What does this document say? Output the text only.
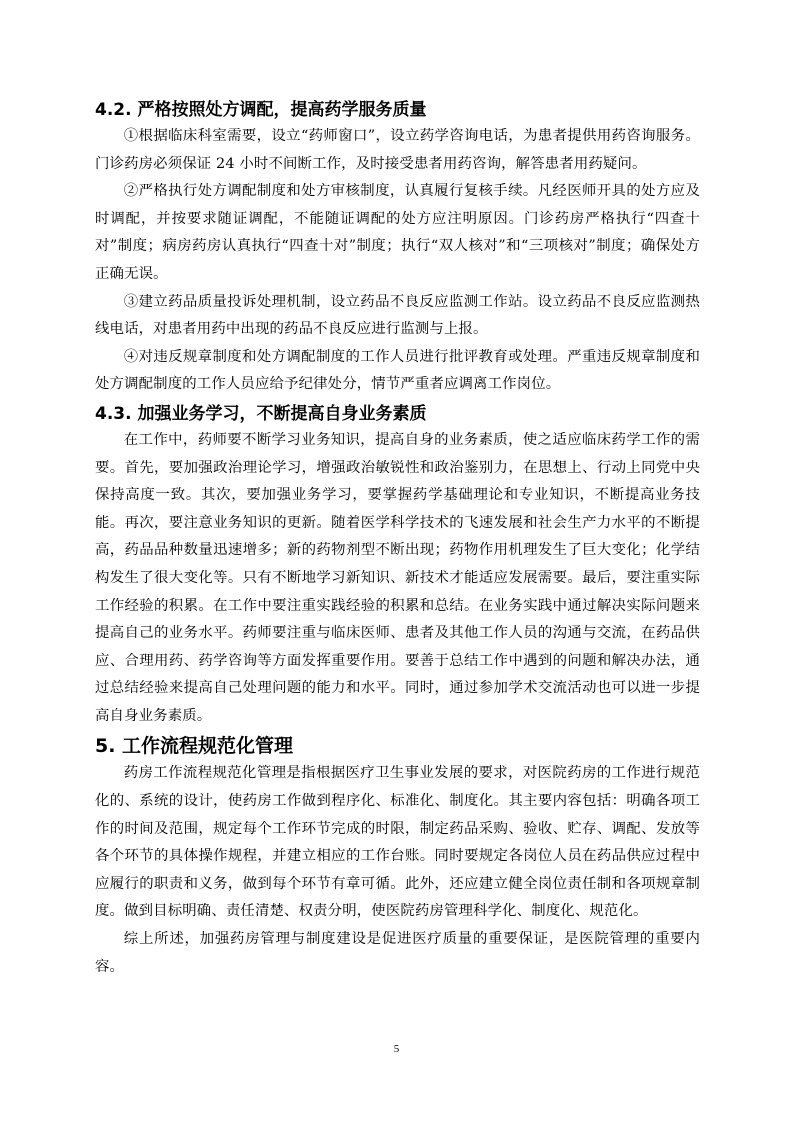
4.2. 严格按照处方调配，提高药学服务质量

①根据临床科室需要，设立“药师窗口”，设立药学咨询电话，为患者提供用药咨询服务。门诊药房必须保证 24 小时不间断工作，及时接受患者用药咨询，解答患者用药疑问。

②严格执行处方调配制度和处方审核制度，认真履行复核手续。凡经医师开具的处方应及时调配，并按要求随证调配，不能随证调配的处方应注明原因。门诊药房严格执行“四查十对”制度；病房药房认真执行“四查十对”制度；执行“双人核对”和“三项核对”制度；确保处方正确无误。

③建立药品质量投诉处理机制，设立药品不良反应监测工作站。设立药品不良反应监测热线电话，对患者用药中出现的药品不良反应进行监测与上报。

④对违反规章制度和处方调配制度的工作人员进行批评教育或处理。严重违反规章制度和处方调配制度的工作人员应给予纪律处分，情节严重者应调离工作岗位。

4.3. 加强业务学习，不断提高自身业务素质

在工作中，药师要不断学习业务知识，提高自身的业务素质，使之适应临床药学工作的需要。首先，要加强政治理论学习，增强政治敏锐性和政治鉴别力，在思想上、行动上同党中央保持高度一致。其次，要加强业务学习，要掌握药学基础理论和专业知识，不断提高业务技能。再次，要注意业务知识的更新。随着医学科学技术的飞速发展和社会生产力水平的不断提高，药品品种数量迅速增多；新的药物剂型不断出现；药物作用机理发生了巨大变化；化学结构发生了很大变化等。只有不断地学习新知识、新技术才能适应发展需要。最后，要注重实际工作经验的积累。在工作中要注重实践经验的积累和总结。在业务实践中通过解决实际问题来提高自己的业务水平。药师要注重与临床医师、患者及其他工作人员的沟通与交流，在药品供应、合理用药、药学咨询等方面发挥重要作用。要善于总结工作中遇到的问题和解决办法，通过总结经验来提高自己处理问题的能力和水平。同时，通过参加学术交流活动也可以进一步提高自身业务素质。

5. 工作流程规范化管理

药房工作流程规范化管理是指根据医疗卫生事业发展的要求，对医院药房的工作进行规范化的、系统的设计，使药房工作做到程序化、标准化、制度化。其主要内容包括：明确各项工作的时间及范围，规定每个工作环节完成的时限，制定药品采购、验收、贮存、调配、发放等各个环节的具体操作规程，并建立相应的工作台账。同时要规定各岗位人员在药品供应过程中应履行的职责和义务，做到每个环节有章可循。此外，还应建立健全岗位责任制和各项规章制度。做到目标明确、责任清楚、权责分明，使医院药房管理科学化、制度化、规范化。

综上所述，加强药房管理与制度建设是促进医疗质量的重要保证，是医院管理的重要内容。

5
